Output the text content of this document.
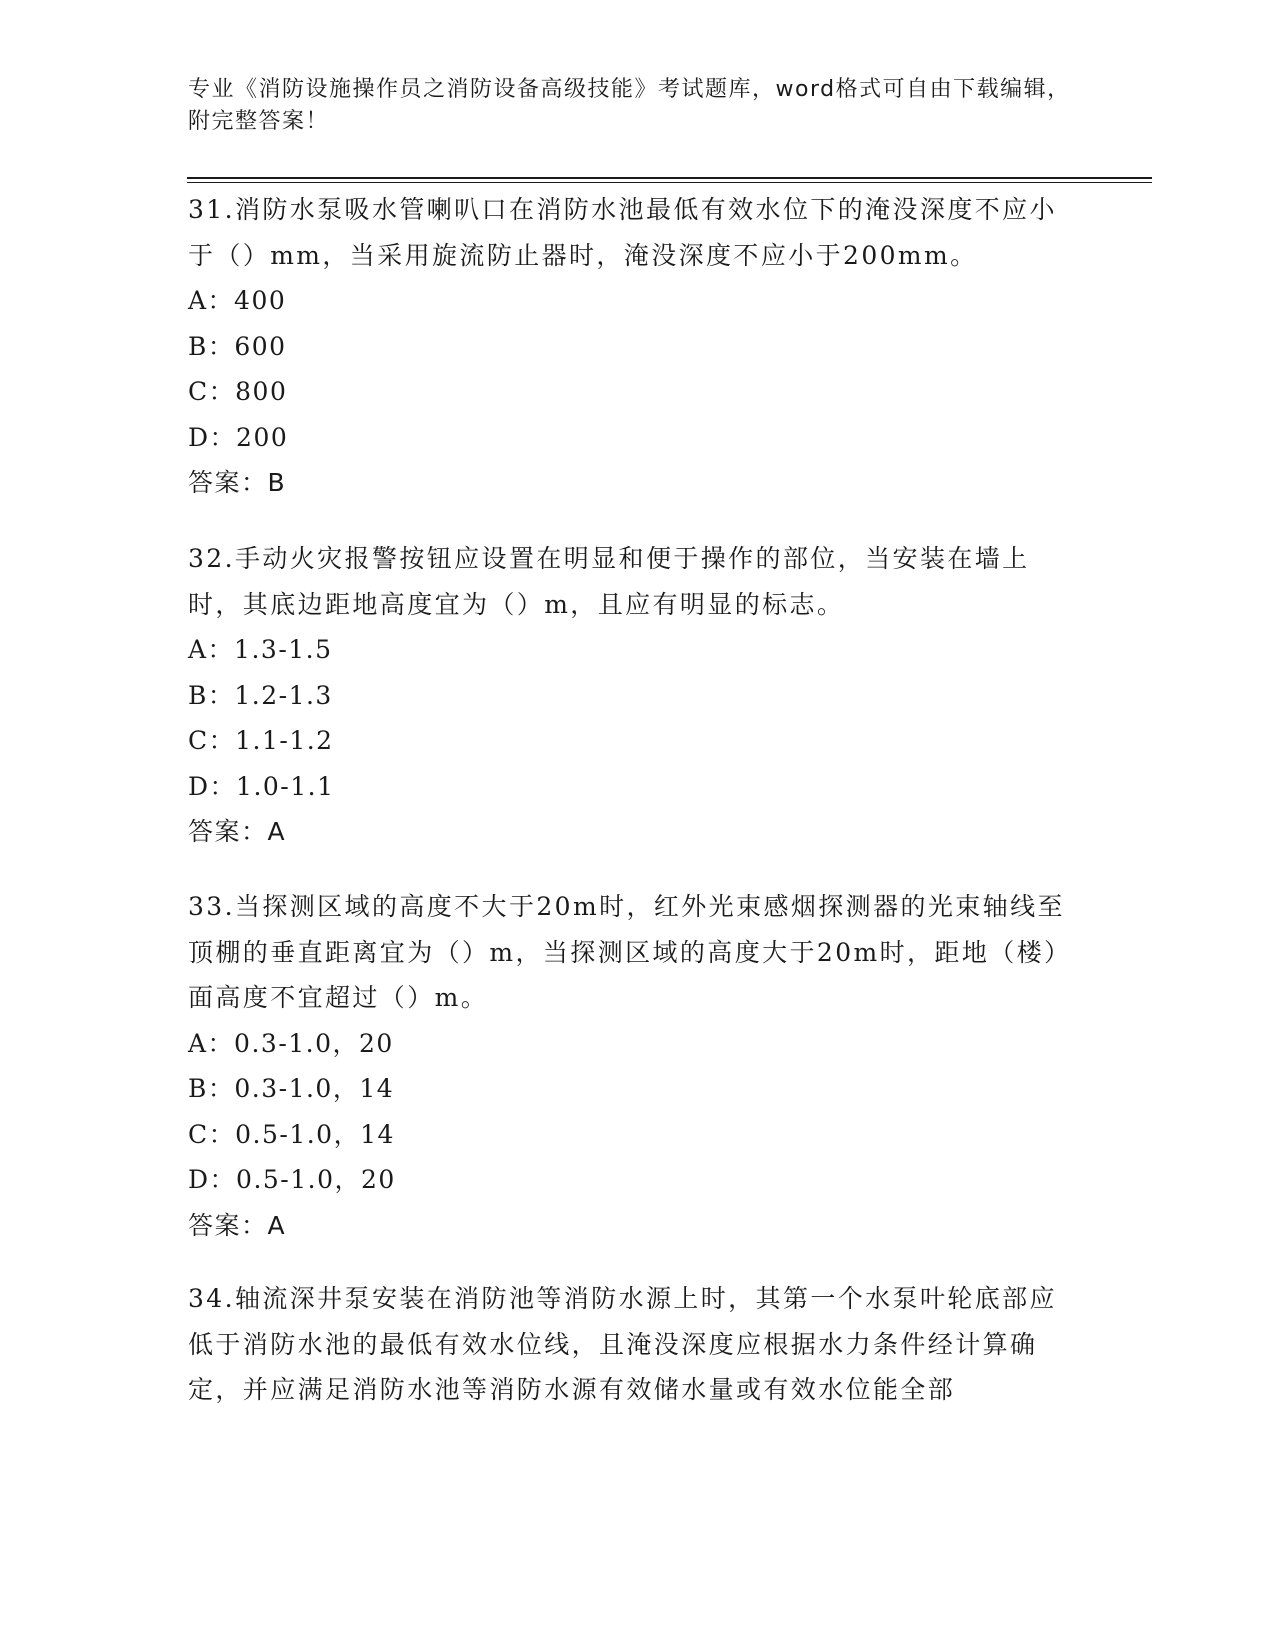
专业《消防设施操作员之消防设备高级技能》考试题库，word格式可自由下载编辑，附完整答案！

31.消防水泵吸水管喇叭口在消防水池最低有效水位下的淹没深度不应小于（）mm，当采用旋流防止器时，淹没深度不应小于200mm。

A：400

B：600

C：800

D：200

答案：B

32.手动火灾报警按钮应设置在明显和便于操作的部位，当安装在墙上时，其底边距地高度宜为（）m，且应有明显的标志。

A：1.3-1.5

B：1.2-1.3

C：1.1-1.2

D：1.0-1.1

答案：A

33.当探测区域的高度不大于20m时，红外光束感烟探测器的光束轴线至顶棚的垂直距离宜为（）m，当探测区域的高度大于20m时，距地（楼）面高度不宜超过（）m。

A：0.3-1.0，20

B：0.3-1.0，14

C：0.5-1.0，14

D：0.5-1.0，20

答案：A

34.轴流深井泵安装在消防池等消防水源上时，其第一个水泵叶轮底部应低于消防水池的最低有效水位线，且淹没深度应根据水力条件经计算确定，并应满足消防水池等消防水源有效储水量或有效水位能全部
